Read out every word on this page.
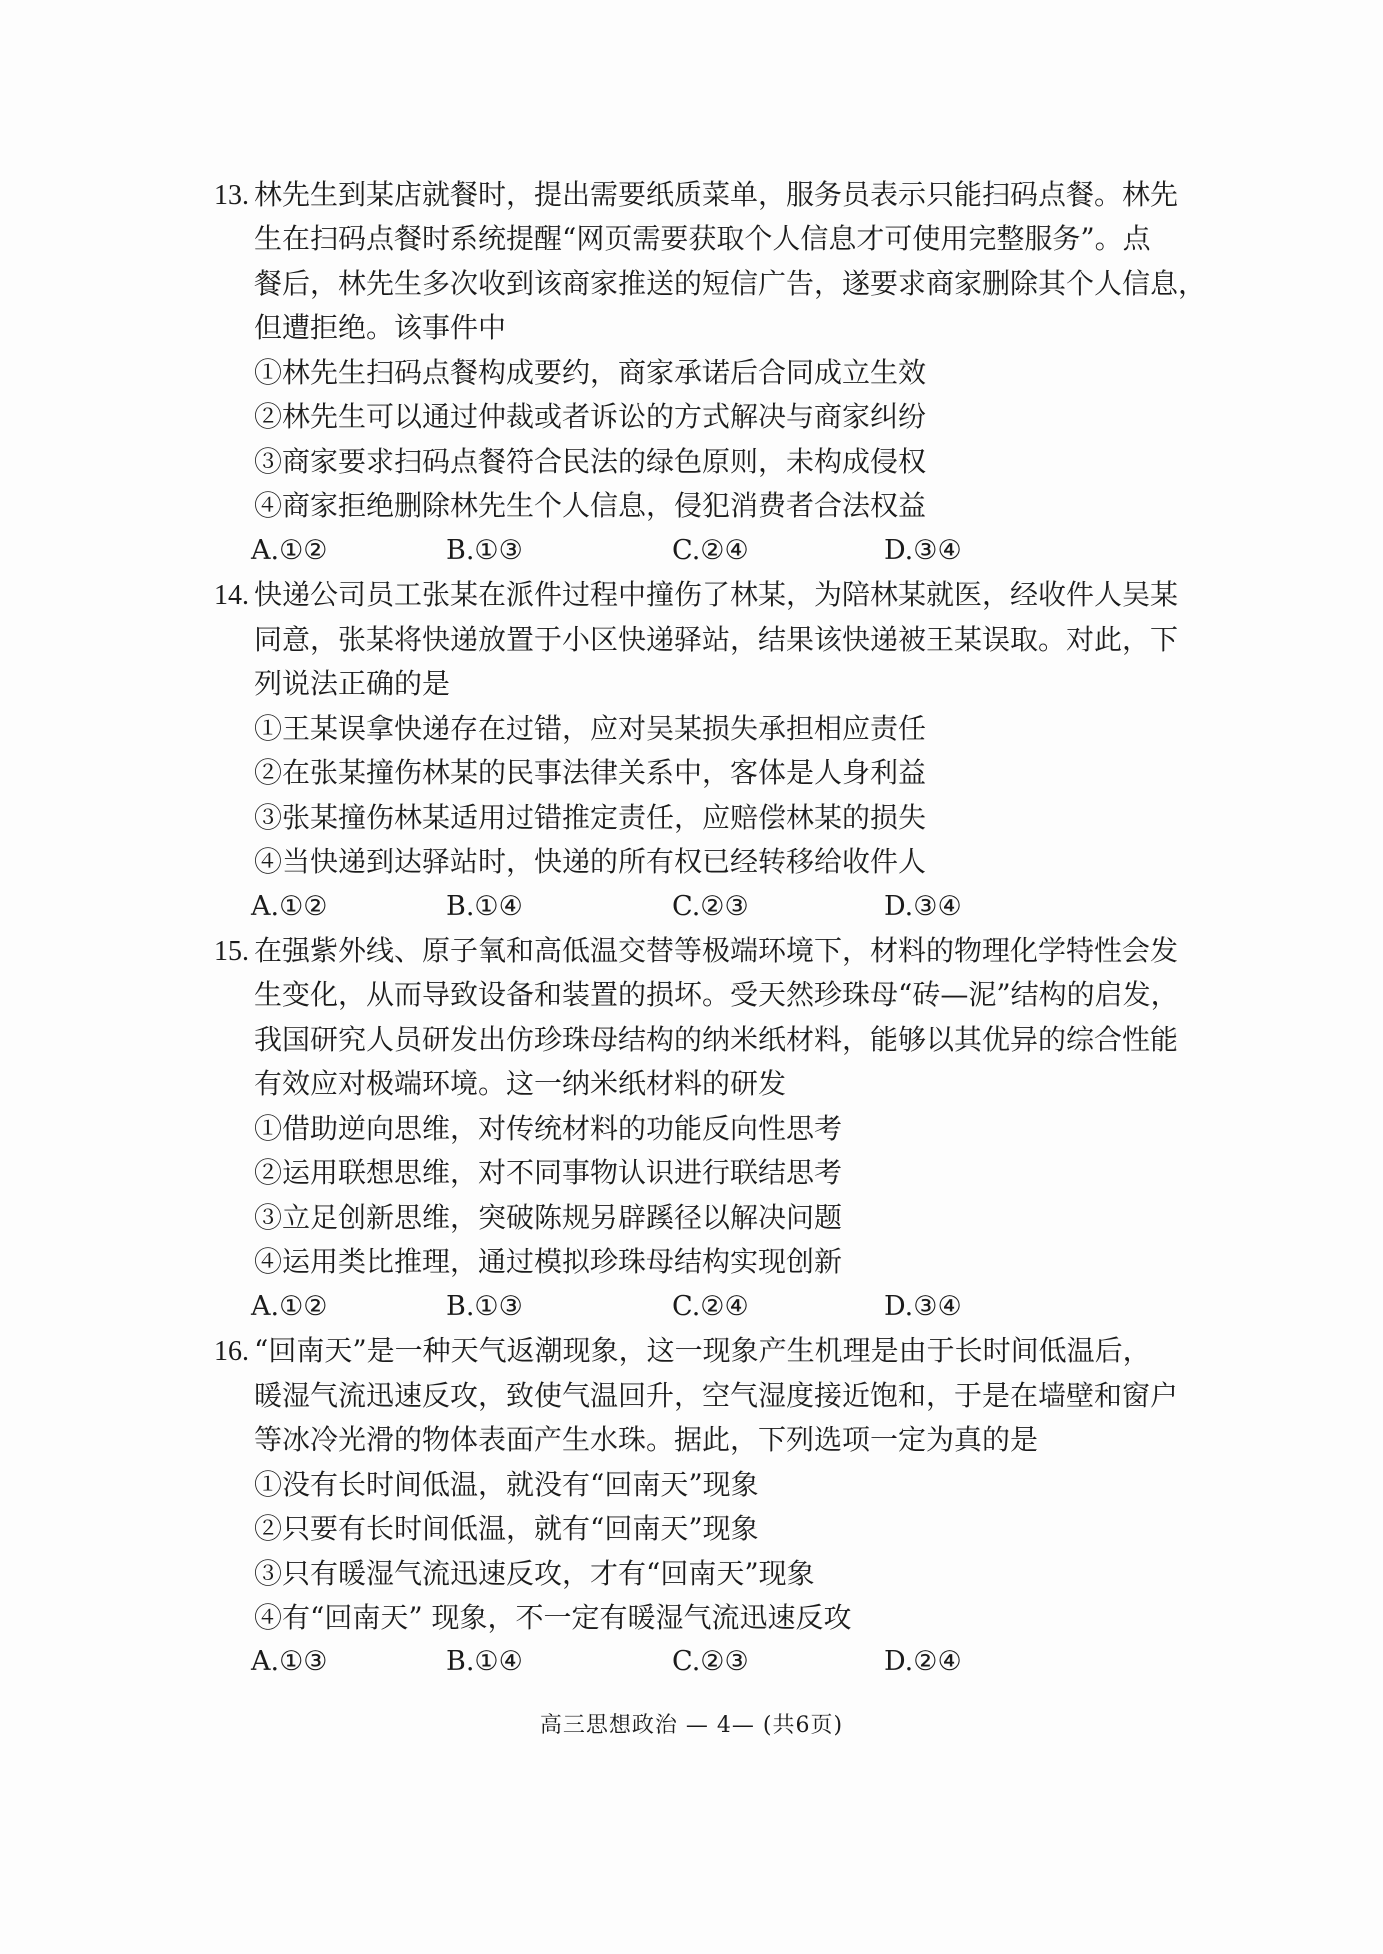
13. 林先生到某店就餐时，提出需要纸质菜单，服务员表示只能扫码点餐。林先
生在扫码点餐时系统提醒“网页需要获取个人信息才可使用完整服务”。点
餐后，林先生多次收到该商家推送的短信广告，遂要求商家删除其个人信息，
但遭拒绝。该事件中
①林先生扫码点餐构成要约，商家承诺后合同成立生效
②林先生可以通过仲裁或者诉讼的方式解决与商家纠纷
③商家要求扫码点餐符合民法的绿色原则，未构成侵权
④商家拒绝删除林先生个人信息，侵犯消费者合法权益
A.①②	B.①③	C.②④	D.③④
14. 快递公司员工张某在派件过程中撞伤了林某，为陪林某就医，经收件人吴某
同意，张某将快递放置于小区快递驿站，结果该快递被王某误取。对此，下
列说法正确的是
①王某误拿快递存在过错，应对吴某损失承担相应责任
②在张某撞伤林某的民事法律关系中，客体是人身利益
③张某撞伤林某适用过错推定责任，应赔偿林某的损失
④当快递到达驿站时，快递的所有权已经转移给收件人
A.①②	B.①④	C.②③	D.③④
15. 在强紫外线、原子氧和高低温交替等极端环境下，材料的物理化学特性会发
生变化，从而导致设备和装置的损坏。受天然珍珠母“砖—泥”结构的启发，
我国研究人员研发出仿珍珠母结构的纳米纸材料，能够以其优异的综合性能
有效应对极端环境。这一纳米纸材料的研发
①借助逆向思维，对传统材料的功能反向性思考
②运用联想思维，对不同事物认识进行联结思考
③立足创新思维，突破陈规另辟蹊径以解决问题
④运用类比推理，通过模拟珍珠母结构实现创新
A.①②	B.①③	C.②④	D.③④
16. “回南天”是一种天气返潮现象，这一现象产生机理是由于长时间低温后，
暖湿气流迅速反攻，致使气温回升，空气湿度接近饱和，于是在墙壁和窗户
等冰冷光滑的物体表面产生水珠。据此，下列选项一定为真的是
①没有长时间低温，就没有“回南天”现象
②只要有长时间低温，就有“回南天”现象
③只有暖湿气流迅速反攻，才有“回南天”现象
④有“回南天” 现象，不一定有暖湿气流迅速反攻
A.①③	B.①④	C.②③	D.②④
高三思想政治 — 4— (共6页)
